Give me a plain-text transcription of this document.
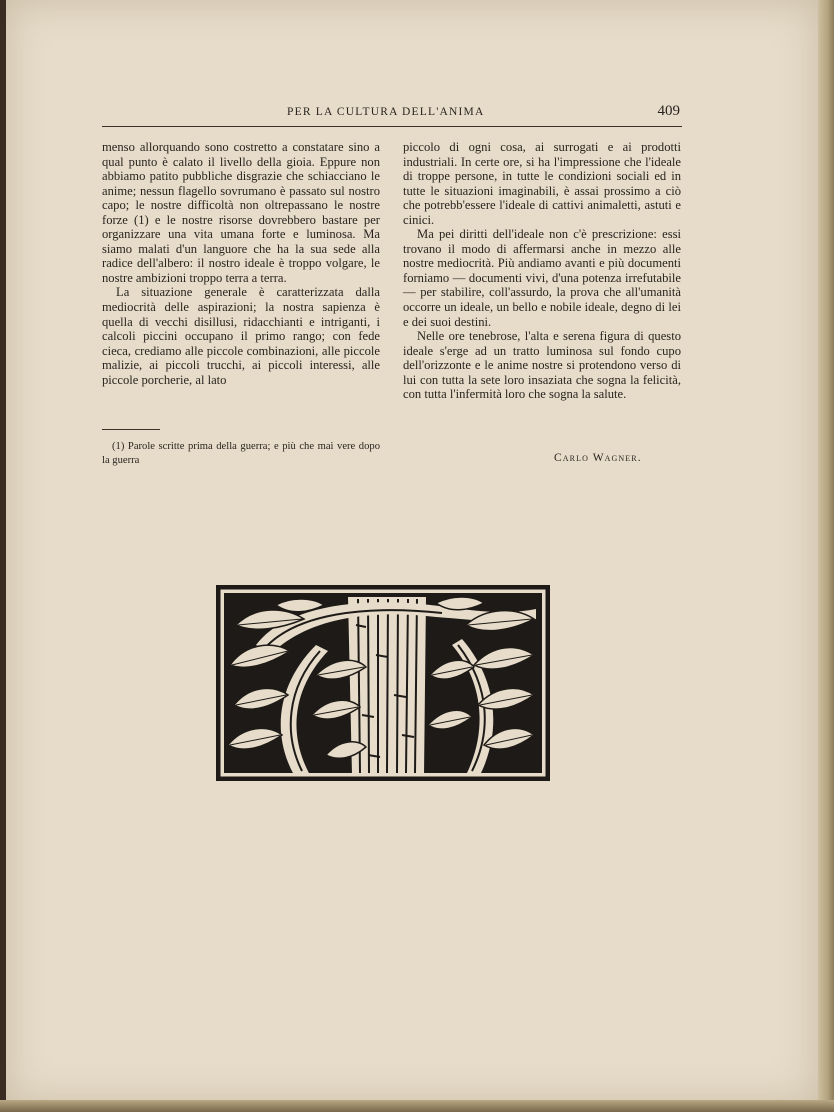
PER LA CULTURA DELL'ANIMA	409

menso allorquando sono costretto a constatare sino a qual punto è calato il livello della gioia. Eppure non abbiamo patito pubbliche disgrazie che schiacciano le anime; nessun flagello sovrumano è passato sul nostro capo; le nostre difficoltà non oltrepassano le nostre forze (1) e le nostre risorse dovrebbero bastare per organizzare una vita umana forte e luminosa. Ma siamo malati d'un languore che ha la sua sede alla radice dell'albero: il nostro ideale è troppo volgare, le nostre ambizioni troppo terra a terra.

La situazione generale è caratterizzata dalla mediocrità delle aspirazioni; la nostra sapienza è quella di vecchi disillusi, ridacchianti e intriganti, i calcoli piccini occupano il primo rango; con fede cieca, crediamo alle piccole combinazioni, alle piccole malizie, ai piccoli trucchi, ai piccoli interessi, alle piccole porcherie, al lato

(1) Parole scritte prima della guerra; e più che mai vere dopo la guerra

piccolo di ogni cosa, ai surrogati e ai prodotti industriali. In certe ore, si ha l'impressione che l'ideale di troppe persone, in tutte le condizioni sociali ed in tutte le situazioni imaginabili, è assai prossimo a ciò che potrebb'essere l'ideale di cattivi animaletti, astuti e cinici.

Ma pei diritti dell'ideale non c'è prescrizione: essi trovano il modo di affermarsi anche in mezzo alle nostre mediocrità. Più andiamo avanti e più documenti forniamo — documenti vivi, d'una potenza irrefutabile — per stabilire, coll'assurdo, la prova che all'umanità occorre un ideale, un bello e nobile ideale, degno di lei e dei suoi destini.

Nelle ore tenebrose, l'alta e serena figura di questo ideale s'erge ad un tratto luminosa sul fondo cupo dell'orizzonte e le anime nostre si protendono verso di lui con tutta la sete loro insaziata che sogna la felicità, con tutta l'infermità loro che sogna la salute.

Carlo Wagner.
